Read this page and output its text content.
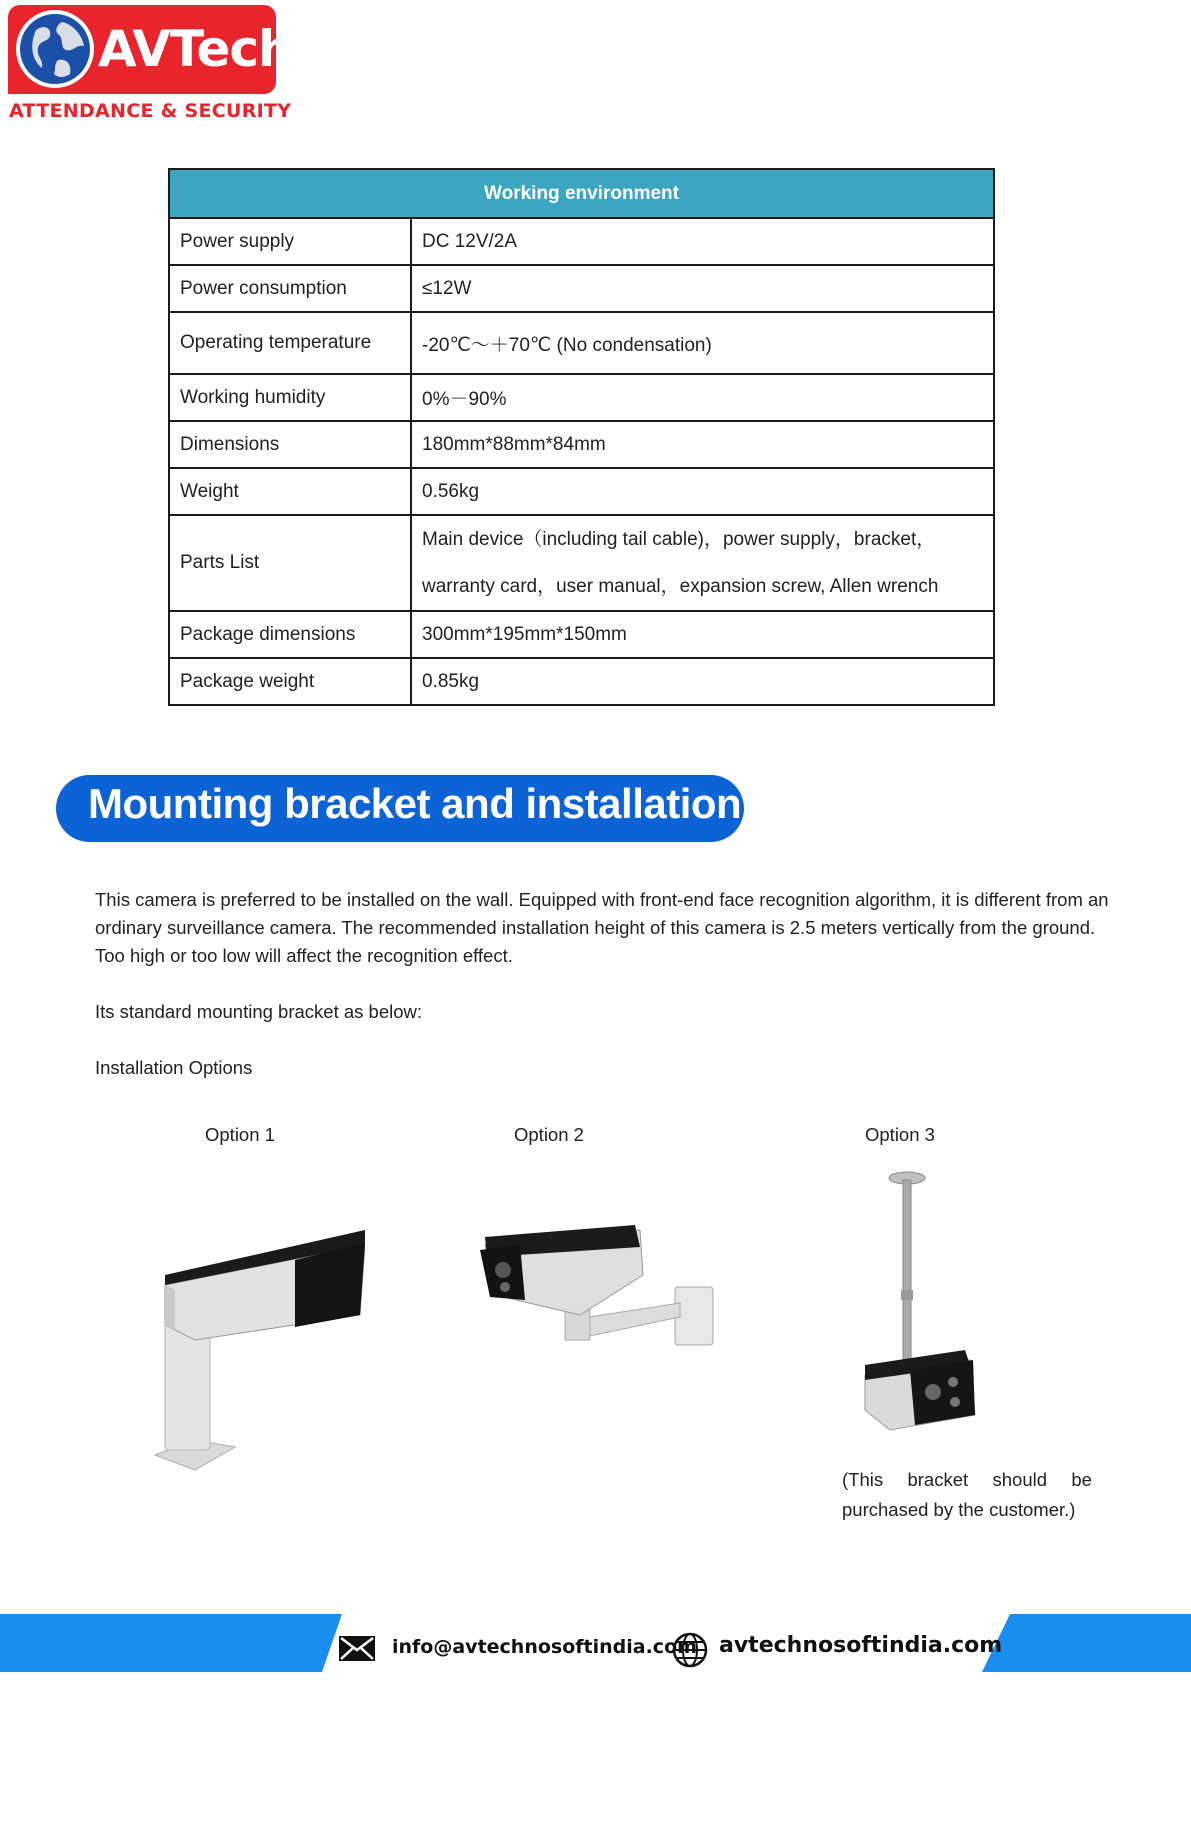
AVTech
ATTENDANCE & SECURITY
Working environment	
Power supply	DC 12V/2A
Power consumption	≤12W
Operating temperature	-20℃～＋70℃ (No condensation)
Working humidity	0%－90%
Dimensions	180mm*88mm*84mm
Weight	0.56kg
Parts List	Main device（including tail cable)，power supply，bracket，
warranty card，user manual，expansion screw, Allen wrench

Package dimensions	300mm*195mm*150mm
Package weight	0.85kg
Mounting bracket and installation
This camera is preferred to be installed on the wall. Equipped with front-end face recognition algorithm, it is different from an ordinary surveillance camera. The recommended installation height of this camera is 2.5 meters vertically from the ground. Too high or too low will affect the recognition effect.
Its standard mounting bracket as below:
Installation Options
Option 1	Option 2	Option 3
(This bracket should be
purchased by the customer.)
info@avtechnosoftindia.com avtechnosoftindia.com
